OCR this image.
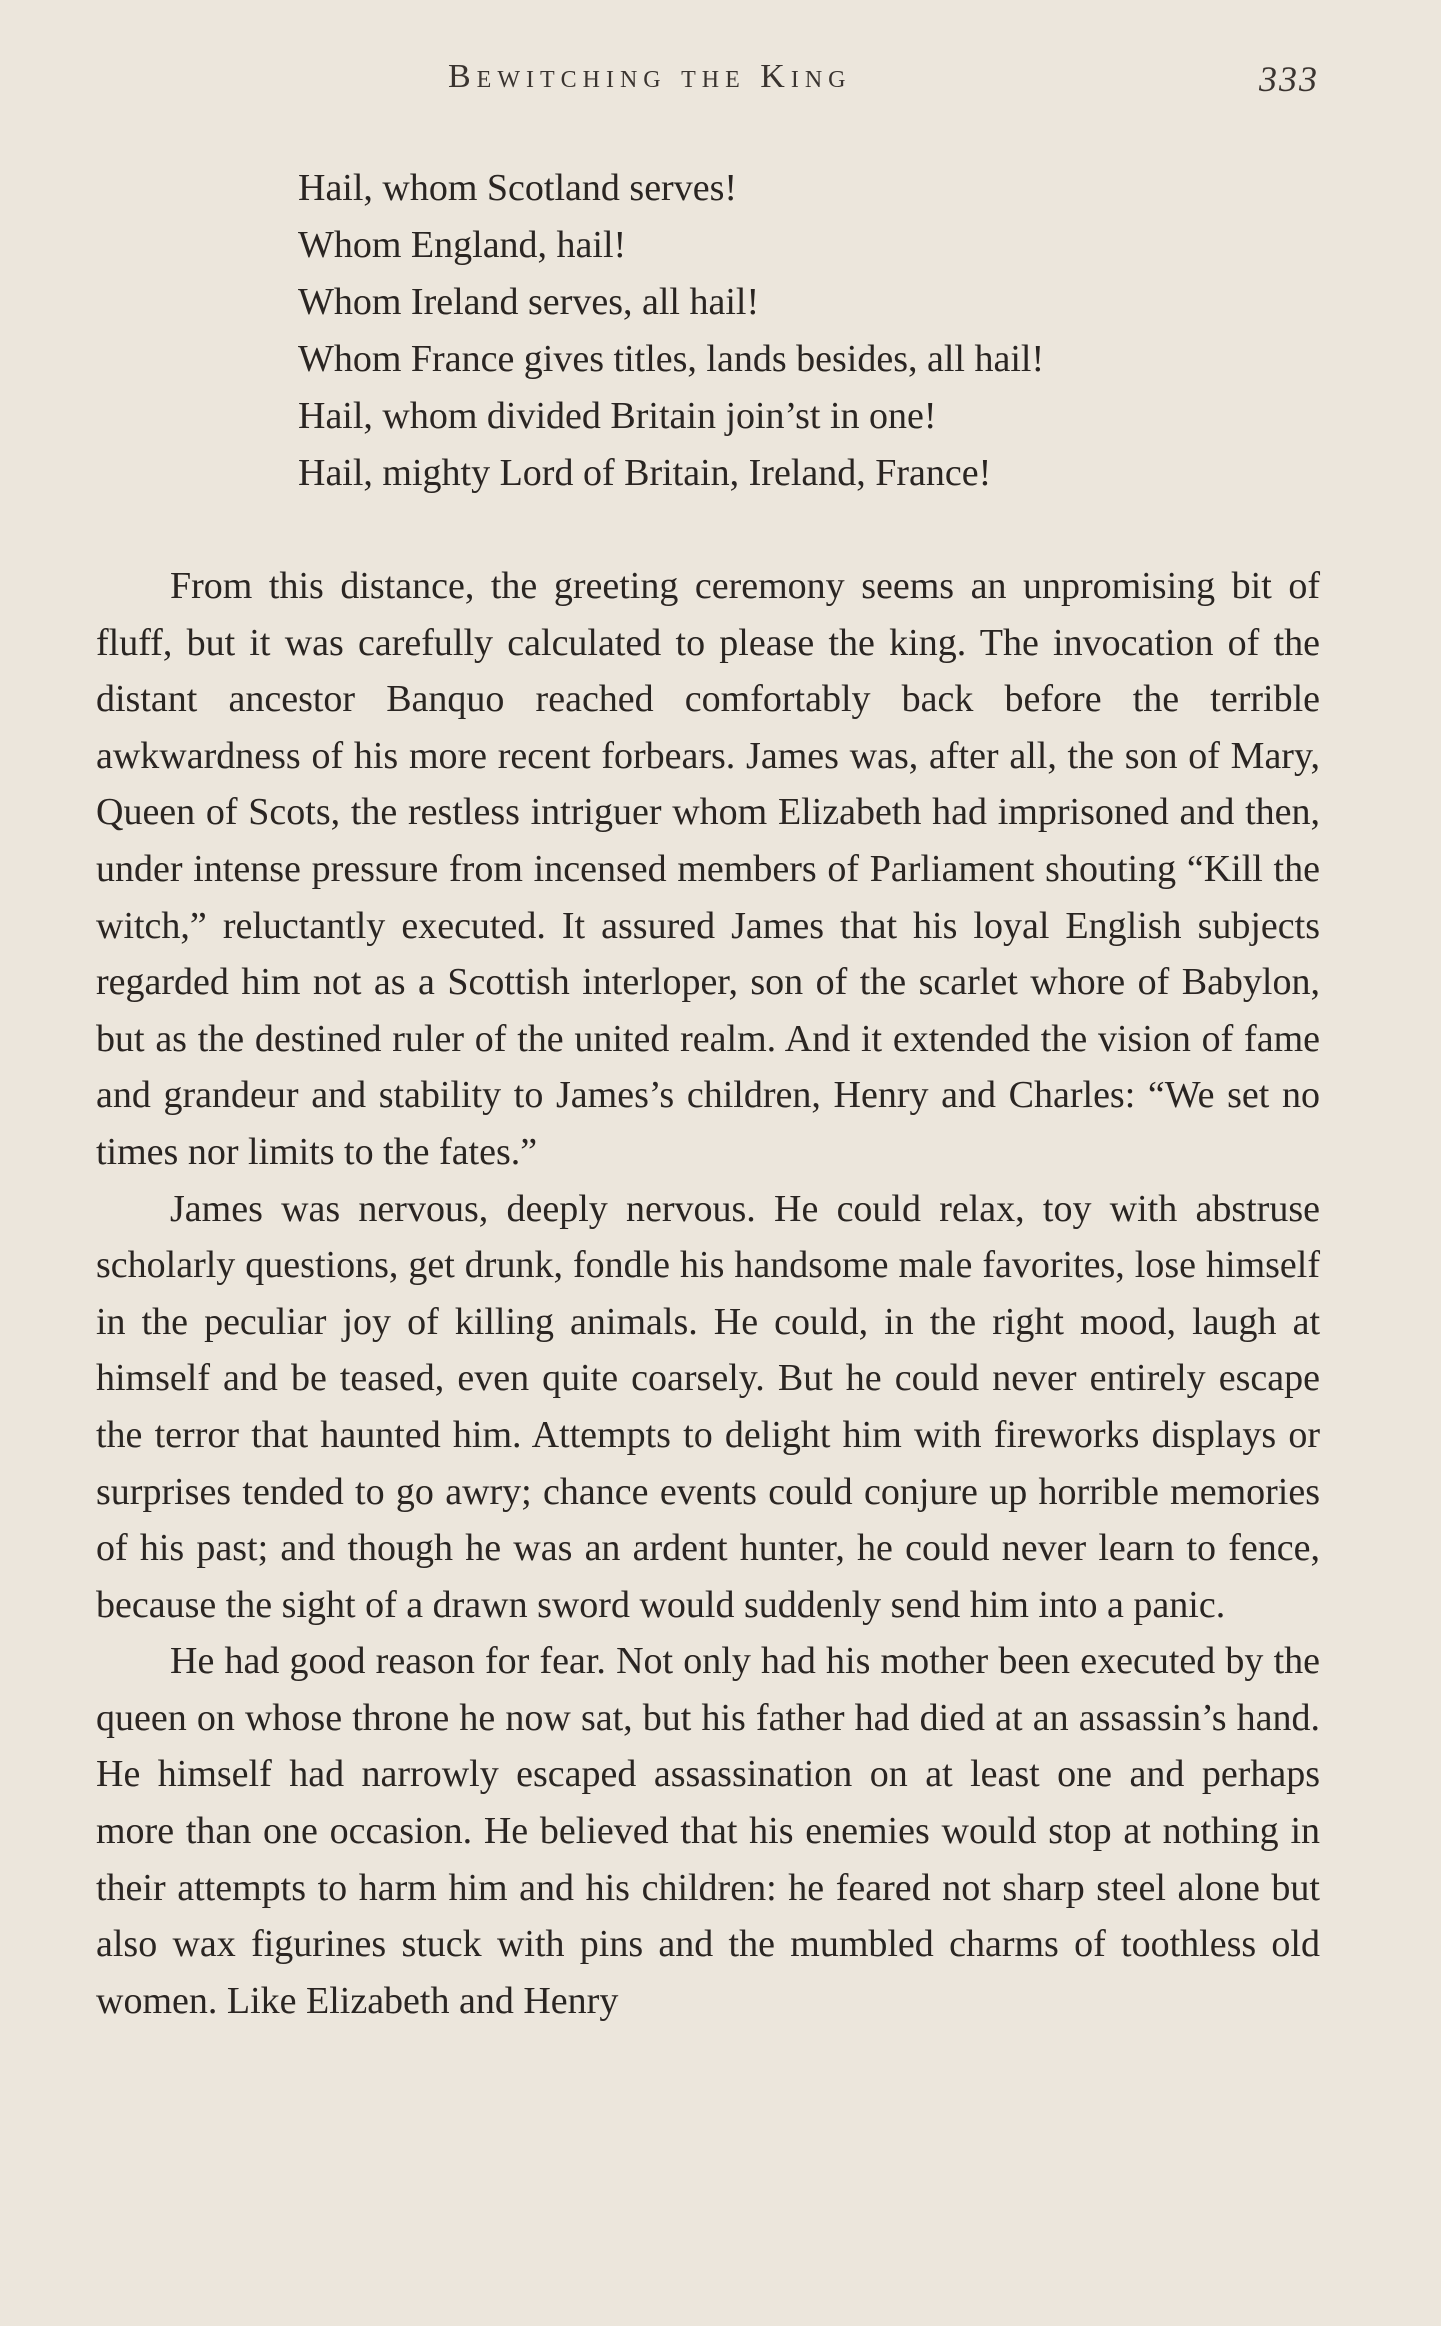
Bewitching the King	333
Hail, whom Scotland serves!
Whom England, hail!
Whom Ireland serves, all hail!
Whom France gives titles, lands besides, all hail!
Hail, whom divided Britain join’st in one!
Hail, mighty Lord of Britain, Ireland, France!

From this distance, the greeting ceremony seems an unpromising bit of fluff, but it was carefully calculated to please the king. The invocation of the distant ancestor Banquo reached comfortably back before the terrible awkwardness of his more recent forbears. James was, after all, the son of Mary, Queen of Scots, the restless intriguer whom Elizabeth had imprisoned and then, under intense pressure from incensed members of Parliament shouting “Kill the witch,” reluctantly executed. It assured James that his loyal English subjects regarded him not as a Scottish interloper, son of the scarlet whore of Babylon, but as the destined ruler of the united realm. And it extended the vision of fame and grandeur and stability to James’s children, Henry and Charles: “We set no times nor limits to the fates.”

James was nervous, deeply nervous. He could relax, toy with abstruse scholarly questions, get drunk, fondle his handsome male favorites, lose himself in the peculiar joy of killing animals. He could, in the right mood, laugh at himself and be teased, even quite coarsely. But he could never entirely escape the terror that haunted him. Attempts to delight him with fireworks displays or surprises tended to go awry; chance events could conjure up horrible memories of his past; and though he was an ardent hunter, he could never learn to fence, because the sight of a drawn sword would suddenly send him into a panic.

He had good reason for fear. Not only had his mother been executed by the queen on whose throne he now sat, but his father had died at an assassin’s hand. He himself had narrowly escaped assassination on at least one and perhaps more than one occasion. He believed that his enemies would stop at nothing in their attempts to harm him and his children: he feared not sharp steel alone but also wax figurines stuck with pins and the mumbled charms of toothless old women. Like Elizabeth and Henry
